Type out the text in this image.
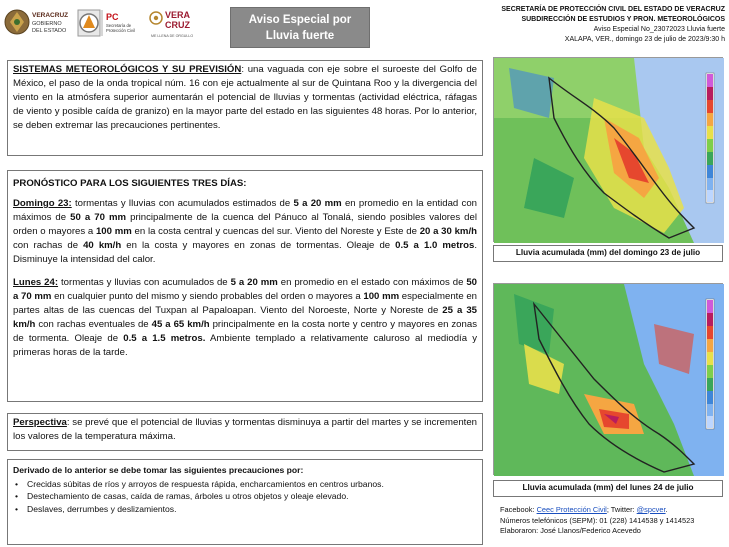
VERACRUZ
GOBIERNO
DEL ESTADO
PC
Secretaría de
Protección Civil
VERA
CRUZ
ME LLENA DE ORGULLO
Aviso Especial por
Lluvia fuerte
SECRETARÍA DE PROTECCIÓN CIVIL DEL ESTADO DE VERACRUZ
SUBDIRECCIÓN DE ESTUDIOS Y PRON. METEOROLÓGICOS
Aviso Especial No_23072023 Lluvia fuerte
XALAPA, VER., domingo 23 de julio de 2023/9:30 h
SISTEMAS METEOROLÓGICOS Y SU PREVISIÓN: una vaguada con eje sobre el suroeste del Golfo de México, el paso de la onda tropical núm. 16 con eje actualmente al sur de Quintana Roo y la divergencia del viento en la atmósfera superior aumentarán el potencial de lluvias y tormentas (actividad eléctrica, ráfagas de viento y posible caída de granizo) en la mayor parte del estado en las siguientes 48 horas. Por lo anterior, se deben extremar las precauciones pertinentes.
PRONÓSTICO PARA LOS SIGUIENTES TRES DÍAS:
Domingo 23: tormentas y lluvias con acumulados estimados de 5 a 20 mm en promedio en la entidad con máximos de 50 a 70 mm principalmente de la cuenca del Pánuco al Tonalá, siendo posibles valores del orden o mayores a 100 mm en la costa central y cuencas del sur. Viento del Noreste y Este de 20 a 30 km/h con rachas de 40 km/h en la costa y mayores en zonas de tormentas. Oleaje de 0.5 a 1.0 metros. Disminuye la intensidad del calor.
Lunes 24: tormentas y lluvias con acumulados de 5 a 20 mm en promedio en el estado con máximos de 50 a 70 mm en cualquier punto del mismo y siendo probables del orden o mayores a 100 mm especialmente en partes altas de las cuencas del Tuxpan al Papaloapan. Viento del Noroeste, Norte y Noreste de 25 a 35 km/h con rachas eventuales de 45 a 65 km/h principalmente en la costa norte y centro y mayores en zonas de tormenta. Oleaje de 0.5 a 1.5 metros. Ambiente templado a relativamente caluroso al mediodía y primeras horas de la tarde.
Perspectiva: se prevé que el potencial de lluvias y tormentas disminuya a partir del martes y se incrementen los valores de la temperatura máxima.
Derivado de lo anterior se debe tomar las siguientes precauciones por:
• Crecidas súbitas de ríos y arroyos de respuesta rápida, encharcamientos en centros urbanos.
• Destechamiento de casas, caída de ramas, árboles u otros objetos y oleaje elevado.
• Deslaves, derrumbes y deslizamientos.
Lluvia acumulada (mm) del domingo 23 de julio
Lluvia acumulada (mm) del lunes 24 de julio
Facebook: Ceec Protección Civil; Twitter: @spcver.
Números telefónicos (SEPM): 01 (228) 1414538 y 1414523
Elaboraron: José Llanos/Federico Acevedo
